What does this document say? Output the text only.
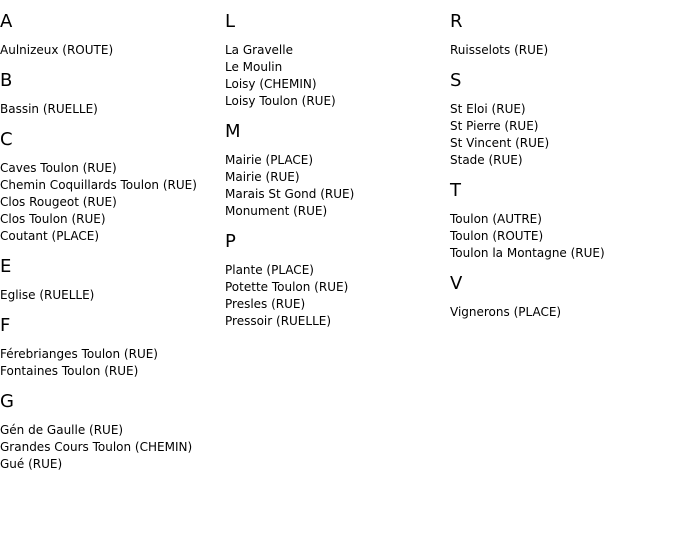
A
Aulnizeux (ROUTE)
B
Bassin (RUELLE)
C
Caves Toulon (RUE)
Chemin Coquillards Toulon (RUE)
Clos Rougeot (RUE)
Clos Toulon (RUE)
Coutant (PLACE)
E
Eglise (RUELLE)
F
Férebrianges Toulon (RUE)
Fontaines Toulon (RUE)
G
Gén de Gaulle (RUE)
Grandes Cours Toulon (CHEMIN)
Gué (RUE)
L
La Gravelle
Le Moulin
Loisy (CHEMIN)
Loisy Toulon (RUE)
M
Mairie (PLACE)
Mairie (RUE)
Marais St Gond (RUE)
Monument (RUE)
P
Plante (PLACE)
Potette Toulon (RUE)
Presles (RUE)
Pressoir (RUELLE)
R
Ruisselots (RUE)
S
St Eloi (RUE)
St Pierre (RUE)
St Vincent (RUE)
Stade (RUE)
T
Toulon (AUTRE)
Toulon (ROUTE)
Toulon la Montagne (RUE)
V
Vignerons (PLACE)
